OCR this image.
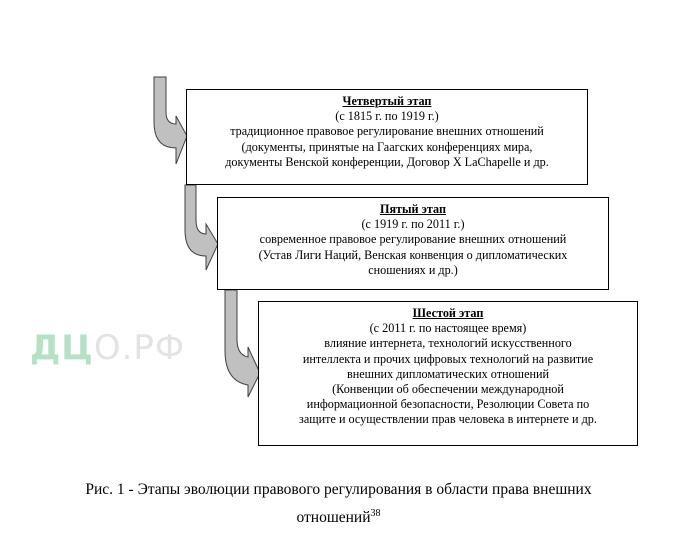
Четвертый этап
(с 1815 г. по 1919 г.)
традиционное правовое регулирование внешних отношений
(документы, принятые на Гаагских конференциях мира,
документы Венской конференции, Договор X LaChapelle и др.
Пятый этап
(с 1919 г. по 2011 г.)
современное правовое регулирование внешних отношений
(Устав Лиги Наций, Венская конвенция о дипломатических
сношениях и др.)
Шестой этап
(с 2011 г. по настоящее время)
влияние интернета, технологий искусственного
интеллекта и прочих цифровых технологий на развитие
внешних дипломатических отношений
(Конвенции об обеспечении международной
информационной безопасности, Резолюции Совета по
защите и осуществлении прав человека в интернете и др.
ДЦО.РФ
Рис. 1 - Этапы эволюции правового регулирования в области права внешних
отношений$^{38}$
